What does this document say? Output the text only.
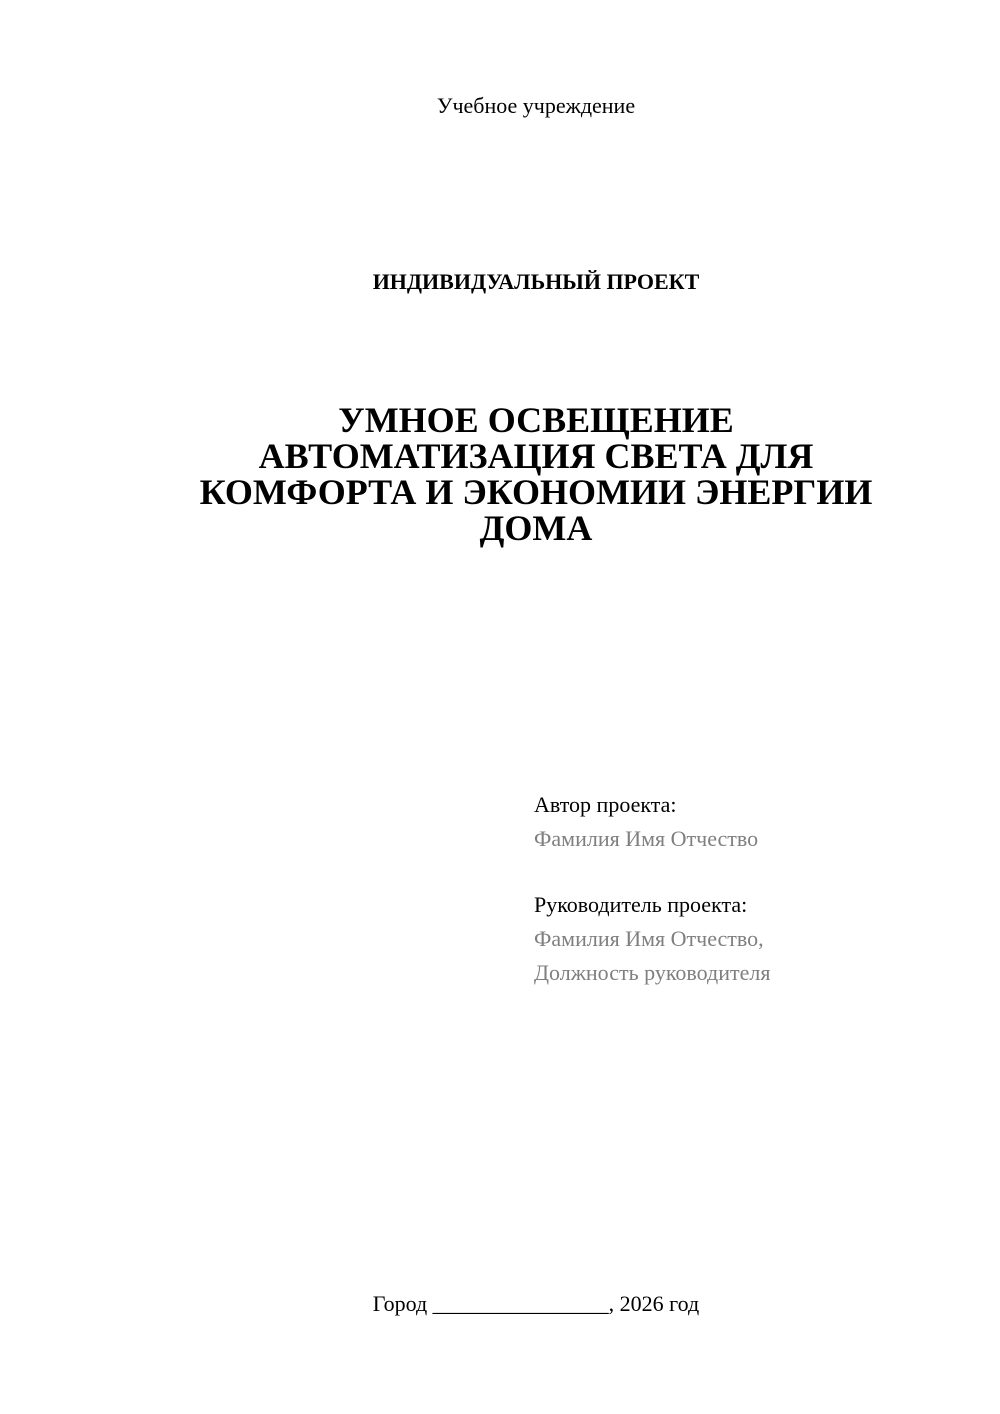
Учебное учреждение
ИНДИВИДУАЛЬНЫЙ ПРОЕКТ
УМНОЕ ОСВЕЩЕНИЕ
АВТОМАТИЗАЦИЯ СВЕТА ДЛЯ
КОМФОРТА И ЭКОНОМИИ ЭНЕРГИИ
ДОМА
Автор проекта:
Фамилия Имя Отчество
Руководитель проекта:
Фамилия Имя Отчество,
Должность руководителя
Город ________________, 2026 год
